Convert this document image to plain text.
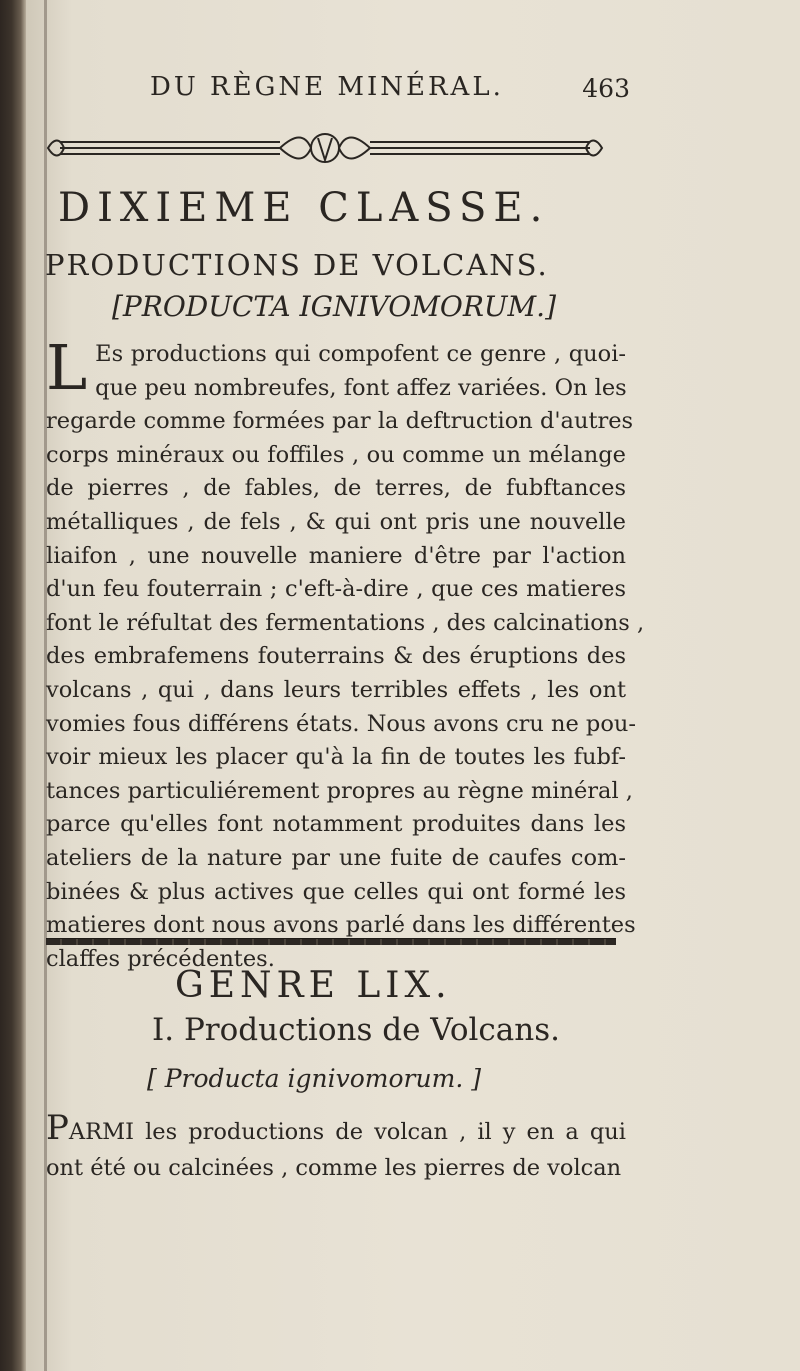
DU RÈGNE MINÉRAL.	463
DIXIEME CLASSE.
PRODUCTIONS DE VOLCANS.
[PRODUCTA IGNIVOMORUM.]
L Es productions qui compofent ce genre , quoi-
que peu nombreufes, font affez variées. On les
regarde comme formées par la deftruction d'autres
corps minéraux ou foffiles , ou comme un mélange
de pierres , de fables, de terres, de fubftances
métalliques , de fels , & qui ont pris une nouvelle
liaifon , une nouvelle maniere d'être par l'action
d'un feu fouterrain ; c'eft-à-dire , que ces matieres
font le réfultat des fermentations , des calcinations ,
des embrafemens fouterrains & des éruptions des
volcans , qui , dans leurs terribles effets , les ont
vomies fous différens états. Nous avons cru ne pou-
voir mieux les placer qu'à la fin de toutes les fubf-
tances particuliérement propres au règne minéral ,
parce qu'elles font notamment produites dans les
ateliers de la nature par une fuite de caufes com-
binées & plus actives que celles qui ont formé les
matieres dont nous avons parlé dans les différentes
claffes précédentes.
GENRE LIX.
I. Productions de Volcans.
[ Producta ignivomorum. ]
PARMI les productions de volcan , il y en a qui
ont été ou calcinées , comme les pierres de volcan
